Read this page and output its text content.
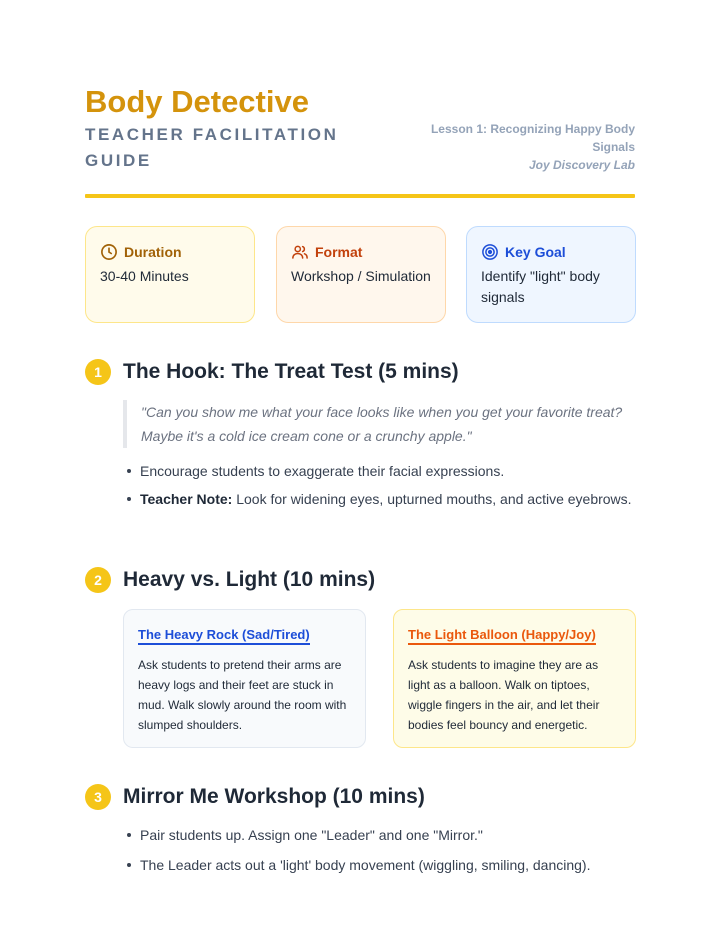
Body Detective
TEACHER FACILITATION GUIDE
Lesson 1: Recognizing Happy Body Signals
Joy Discovery Lab
Duration
30-40 Minutes
Format
Workshop / Simulation
Key Goal
Identify "light" body signals
1	The Hook: The Treat Test (5 mins)
"Can you show me what your face looks like when you get your favorite treat? Maybe it's a cold ice cream cone or a crunchy apple."
Encourage students to exaggerate their facial expressions.
Teacher Note: Look for widening eyes, upturned mouths, and active eyebrows.
2	Heavy vs. Light (10 mins)
The Heavy Rock (Sad/Tired)
Ask students to pretend their arms are heavy logs and their feet are stuck in mud. Walk slowly around the room with slumped shoulders.
The Light Balloon (Happy/Joy)
Ask students to imagine they are as light as a balloon. Walk on tiptoes, wiggle fingers in the air, and let their bodies feel bouncy and energetic.
3	Mirror Me Workshop (10 mins)
Pair students up. Assign one "Leader" and one "Mirror."
The Leader acts out a 'light' body movement (wiggling, smiling, dancing).
